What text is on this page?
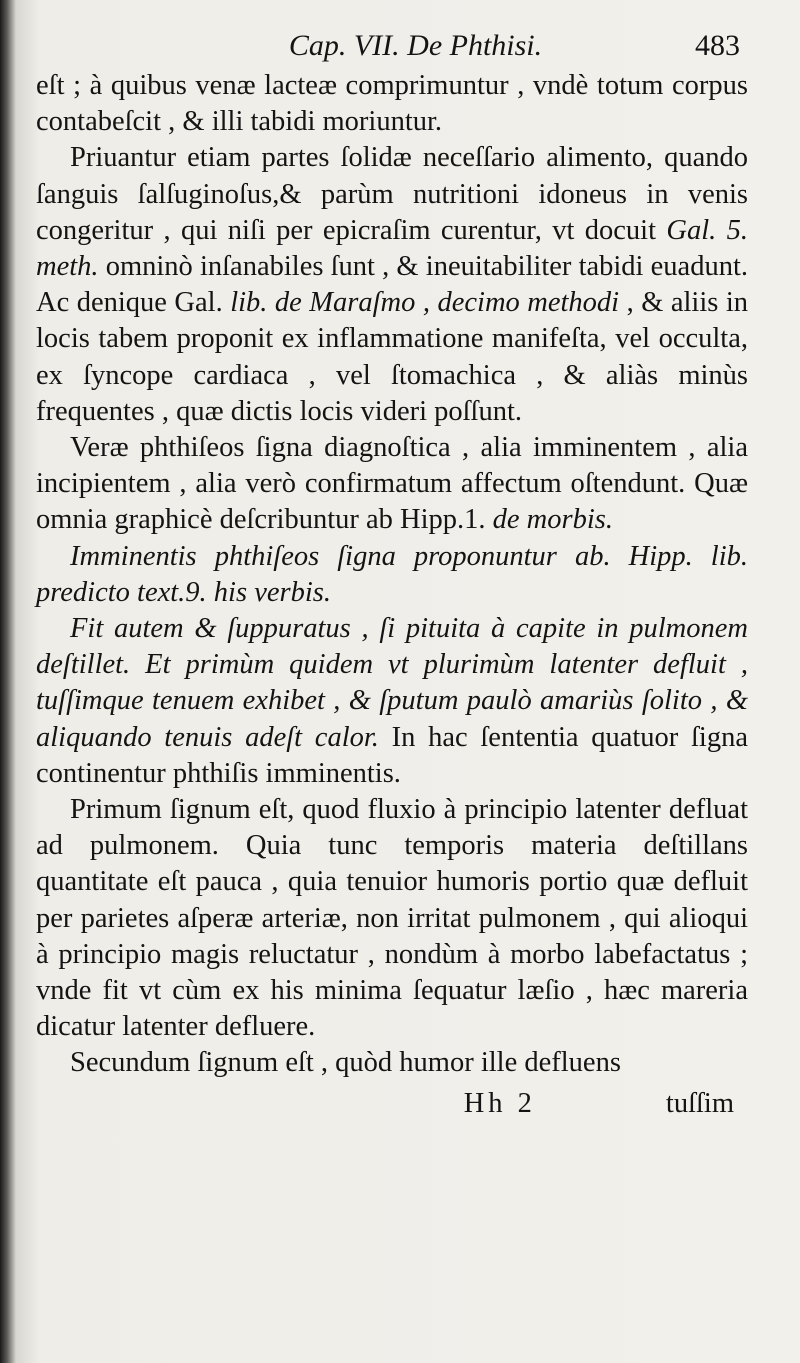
Cap. VII. De Phthisi.	483

eſt ; à quibus venæ lacteæ comprimuntur , vndè totum corpus contabeſcit , & illi tabidi moriuntur.

Priuantur etiam partes ſolidæ neceſſario alimento, quando ſanguis ſalſuginoſus,& parùm nutritioni idoneus in venis congeritur , qui niſi per epicraſim curentur, vt docuit Gal. 5. meth. omninò inſanabiles ſunt , & ineuitabiliter tabidi euadunt. Ac denique Gal. lib. de Maraſmo , decimo methodi , & aliis in locis tabem proponit ex inflammatione manifeſta, vel occulta, ex ſyncope cardiaca , vel ſtomachica , & aliàs minùs frequentes , quæ dictis locis videri poſſunt.

Veræ phthiſeos ſigna diagnoſtica , alia imminentem , alia incipientem , alia verò confirmatum affectum oſtendunt. Quæ omnia graphicè deſcribuntur ab Hipp.1. de morbis.

Imminentis phthiſeos ſigna proponuntur ab. Hipp. lib. predicto text.9. his verbis.

Fit autem & ſuppuratus , ſi pituita à capite in pulmonem deſtillet. Et primùm quidem vt plurimùm latenter defluit , tuſſimque tenuem exhibet , & ſputum paulò amariùs ſolito , & aliquando tenuis adeſt calor. In hac ſententia quatuor ſigna continentur phthiſis imminentis.

Primum ſignum eſt, quod fluxio à principio latenter defluat ad pulmonem. Quia tunc temporis materia deſtillans quantitate eſt pauca , quia tenuior humoris portio quæ defluit per parietes aſperæ arteriæ, non irritat pulmonem , qui alioqui à principio magis reluctatur , nondùm à morbo labefactatus ; vnde fit vt cùm ex his minima ſequatur læſio , hæc mareria dicatur latenter defluere.

Secundum ſignum eſt , quòd humor ille defluens

Hh 2	tuſſim
